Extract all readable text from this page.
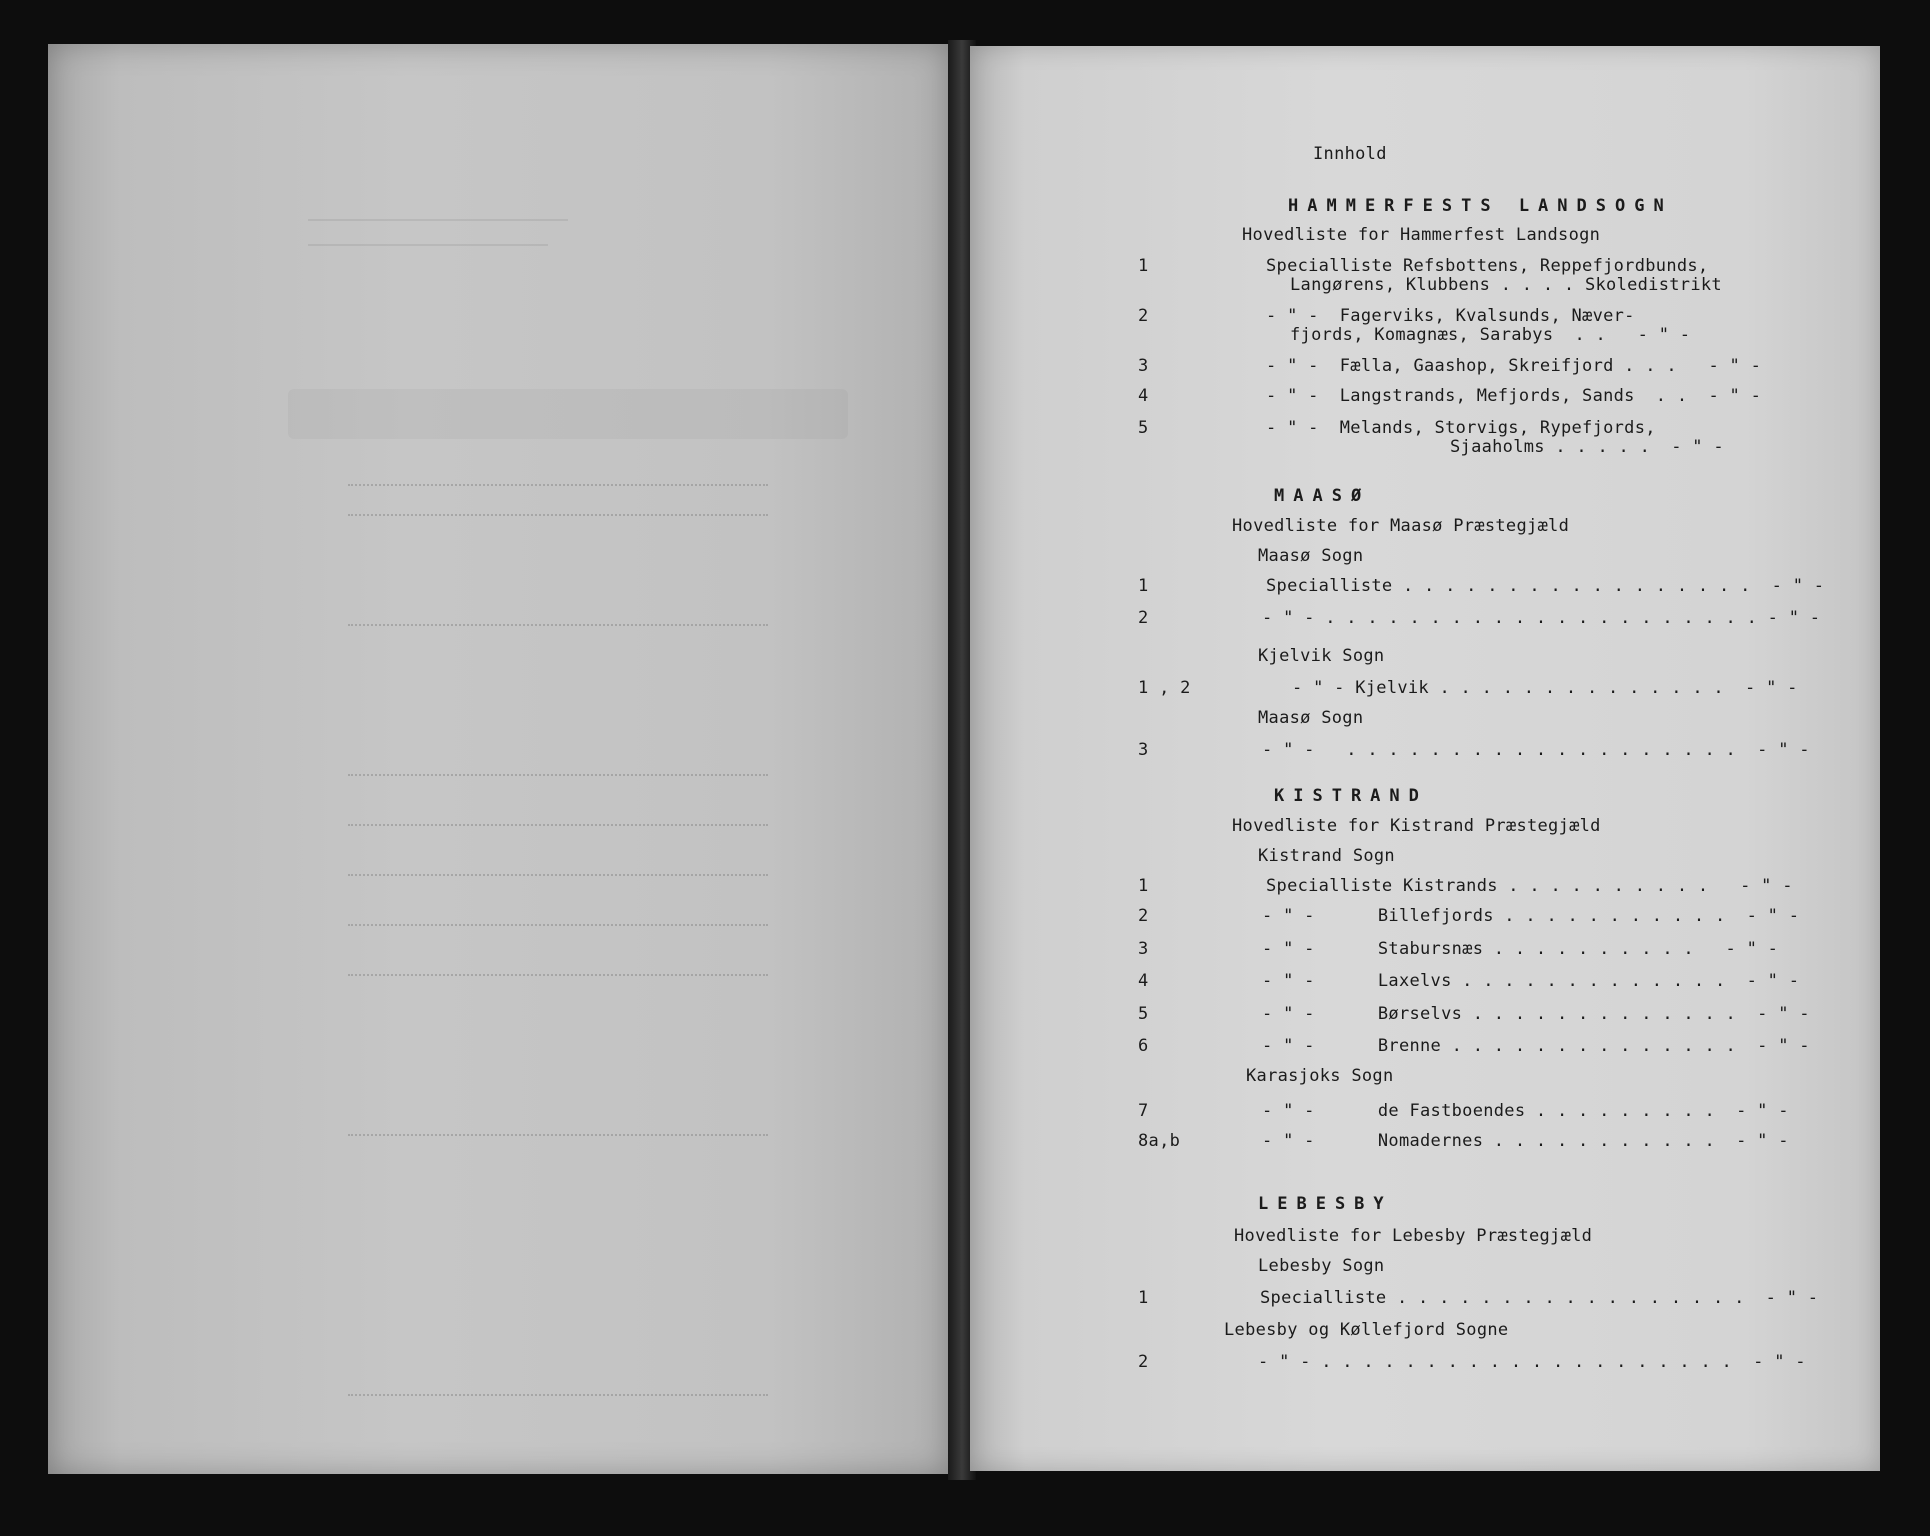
Innhold
HAMMERFESTS LANDSOGN
Hovedliste for Hammerfest Landsogn
1	Specialliste Refsbottens, Reppefjordbunds,
Langørens, Klubbens . . . . Skoledistrikt
2	- " -  Fagerviks, Kvalsunds, Næver-
fjords, Komagnæs, Sarabys  . .   - " -
3	- " -  Fælla, Gaashop, Skreifjord . . .   - " -
4	- " -  Langstrands, Mefjords, Sands  . .  - " -
5	- " -  Melands, Storvigs, Rypefjords,
Sjaaholms . . . . .  - " -
MAASØ
Hovedliste for Maasø Præstegjæld
Maasø Sogn
1	Specialliste . . . . . . . . . . . . . . . . .  - " -
2	- " - . . . . . . . . . . . . . . . . . . . . . - " -
Kjelvik Sogn
1 , 2	- " - Kjelvik . . . . . . . . . . . . . .  - " -
Maasø Sogn
3	- " -   . . . . . . . . . . . . . . . . . . .  - " -
KISTRAND
Hovedliste for Kistrand Præstegjæld
Kistrand Sogn
1	Specialliste Kistrands . . . . . . . . . .   - " -
2	- " -      Billefjords . . . . . . . . . . .  - " -
3	- " -      Stabursnæs . . . . . . . . . .   - " -
4	- " -      Laxelvs . . . . . . . . . . . . .  - " -
5	- " -      Børselvs . . . . . . . . . . . . .  - " -
6	- " -      Brenne . . . . . . . . . . . . . .  - " -
Karasjoks Sogn
7	- " -      de Fastboendes . . . . . . . . .  - " -
8a,b	- " -      Nomadernes . . . . . . . . . . .  - " -
LEBESBY
Hovedliste for Lebesby Præstegjæld
Lebesby Sogn
1	Specialliste . . . . . . . . . . . . . . . . .  - " -
Lebesby og Køllefjord Sogne
2	- " - . . . . . . . . . . . . . . . . . . . .  - " -
